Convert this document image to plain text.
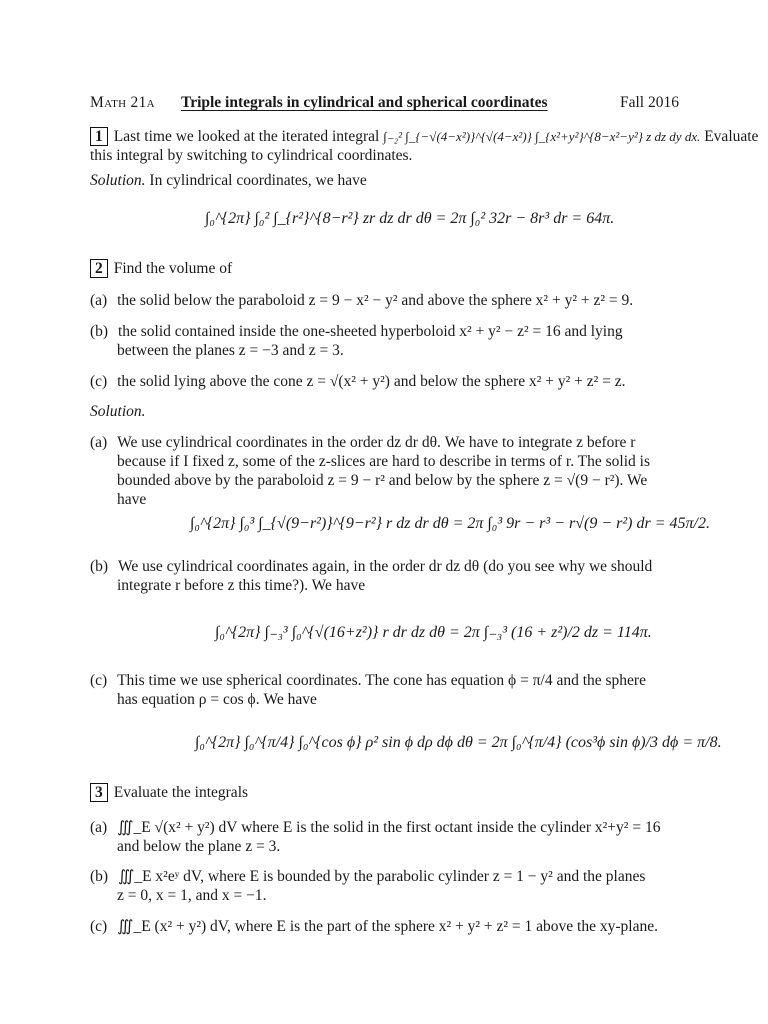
Math 21a Triple integrals in cylindrical and spherical coordinates	Fall 2016
1 Last time we looked at the iterated integral ∫₋₂² ∫_{−√(4−x²)}^{√(4−x²)} ∫_{x²+y²}^{8−x²−y²} z dz dy dx. Evaluate
this integral by switching to cylindrical coordinates.
Solution. In cylindrical coordinates, we have
∫₀^{2π} ∫₀² ∫_{r²}^{8−r²} zr dz dr dθ = 2π ∫₀² 32r − 8r³ dr = 64π.
2 Find the volume of
(a) the solid below the paraboloid z = 9 − x² − y² and above the sphere x² + y² + z² = 9.
(b) the solid contained inside the one-sheeted hyperboloid x² + y² − z² = 16 and lying
between the planes z = −3 and z = 3.
(c) the solid lying above the cone z = √(x² + y²) and below the sphere x² + y² + z² = z.
Solution.
(a) We use cylindrical coordinates in the order dz dr dθ. We have to integrate z before r
because if I fixed z, some of the z-slices are hard to describe in terms of r. The solid is
bounded above by the paraboloid z = 9 − r² and below by the sphere z = √(9 − r²). We
have
∫₀^{2π} ∫₀³ ∫_{√(9−r²)}^{9−r²} r dz dr dθ = 2π ∫₀³ 9r − r³ − r√(9 − r²) dr = 45π/2.
(b) We use cylindrical coordinates again, in the order dr dz dθ (do you see why we should
integrate r before z this time?). We have
∫₀^{2π} ∫₋₃³ ∫₀^{√(16+z²)} r dr dz dθ = 2π ∫₋₃³ (16 + z²)/2 dz = 114π.
(c) This time we use spherical coordinates. The cone has equation ϕ = π/4 and the sphere
has equation ρ = cos ϕ. We have
∫₀^{2π} ∫₀^{π/4} ∫₀^{cos ϕ} ρ² sin ϕ dρ dϕ dθ = 2π ∫₀^{π/4} (cos³ϕ sin ϕ)/3 dϕ = π/8.
3 Evaluate the integrals
(a) ∭_E √(x² + y²) dV where E is the solid in the first octant inside the cylinder x²+y² = 16
and below the plane z = 3.
(b) ∭_E x²eʸ dV, where E is bounded by the parabolic cylinder z = 1 − y² and the planes
z = 0, x = 1, and x = −1.
(c) ∭_E (x² + y²) dV, where E is the part of the sphere x² + y² + z² = 1 above the xy-plane.
